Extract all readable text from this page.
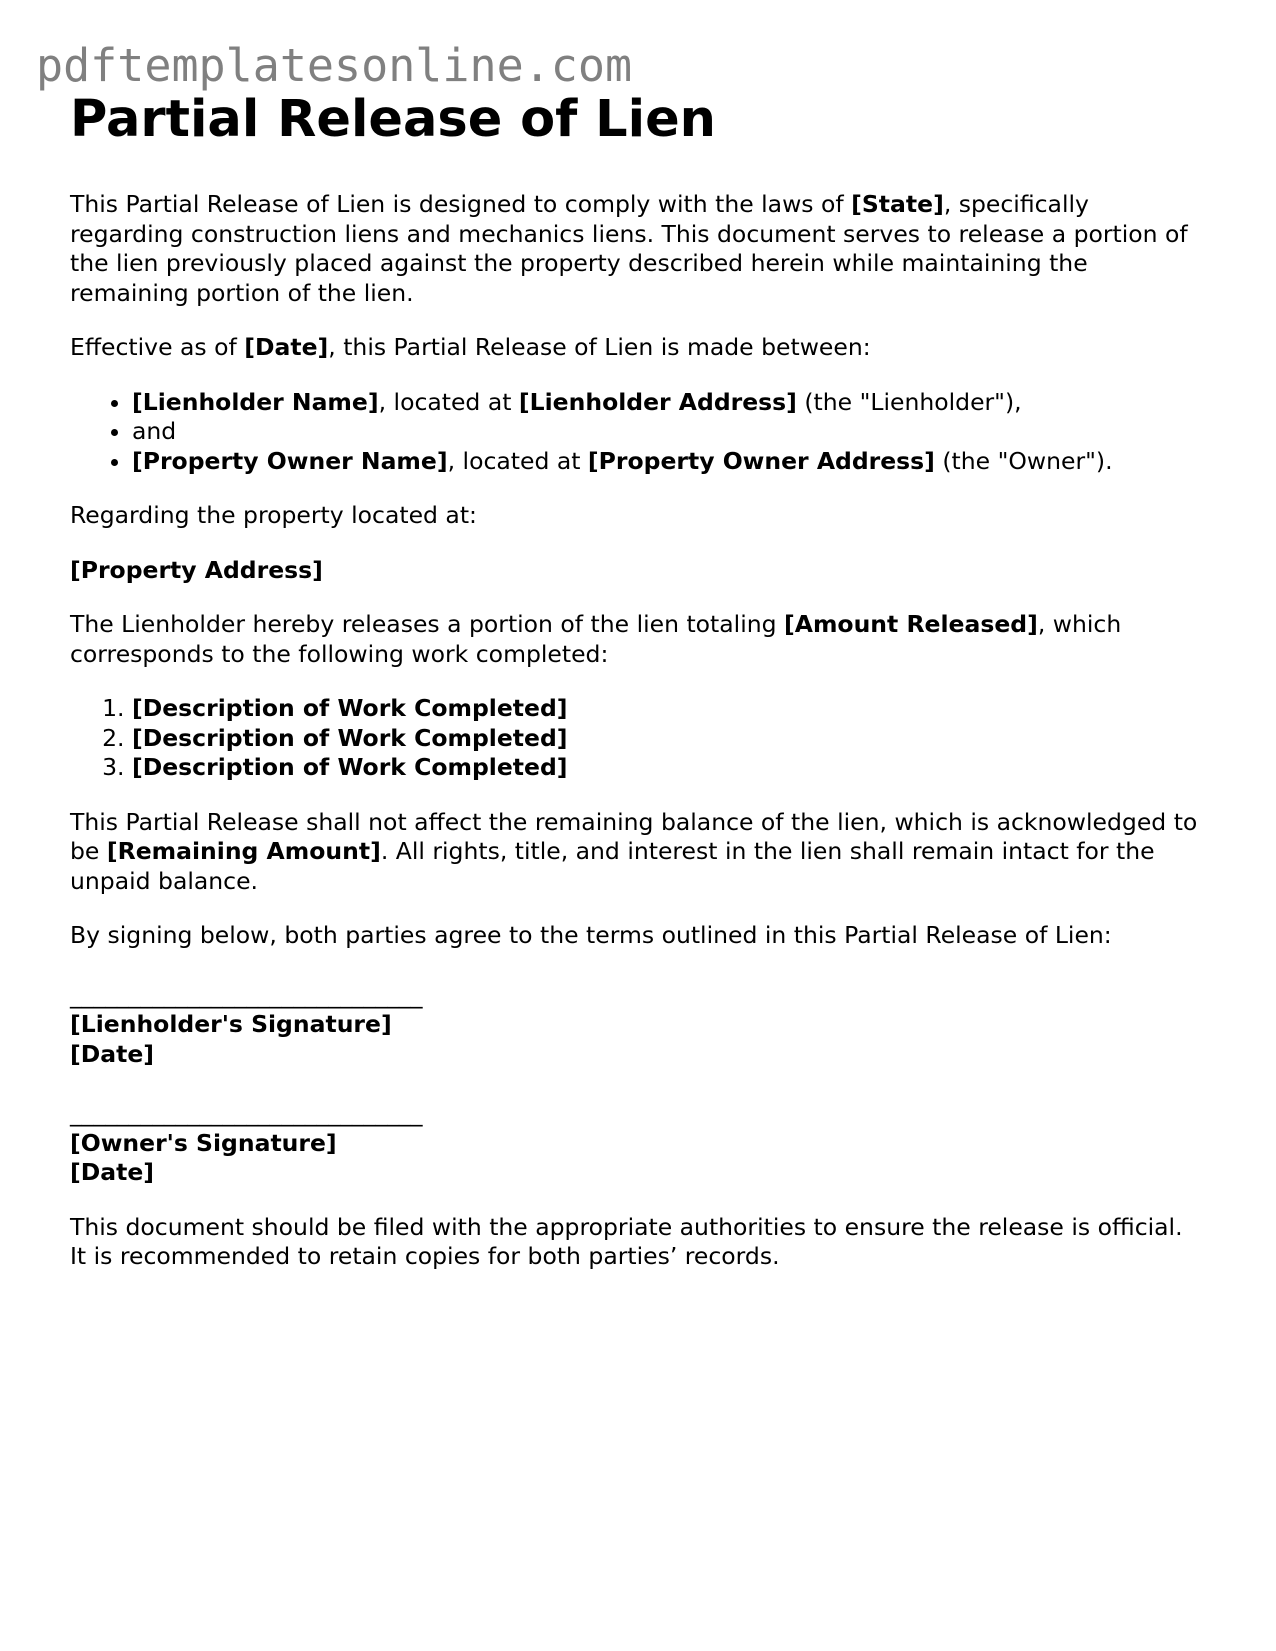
pdftemplatesonline.com
Partial Release of Lien

This Partial Release of Lien is designed to comply with the laws of [State], specifically regarding construction liens and mechanics liens. This document serves to release a portion of the lien previously placed against the property described herein while maintaining the remaining portion of the lien.

Effective as of [Date], this Partial Release of Lien is made between:

• [Lienholder Name], located at [Lienholder Address] (the "Lienholder"),
• and
• [Property Owner Name], located at [Property Owner Address] (the "Owner").

Regarding the property located at:

[Property Address]

The Lienholder hereby releases a portion of the lien totaling [Amount Released], which corresponds to the following work completed:

1. [Description of Work Completed]
2. [Description of Work Completed]
3. [Description of Work Completed]

This Partial Release shall not affect the remaining balance of the lien, which is acknowledged to be [Remaining Amount]. All rights, title, and interest in the lien shall remain intact for the unpaid balance.

By signing below, both parties agree to the terms outlined in this Partial Release of Lien:

______________________________

[Lienholder's Signature]
[Date]

______________________________

[Owner's Signature]
[Date]

This document should be filed with the appropriate authorities to ensure the release is official. It is recommended to retain copies for both parties’ records.
